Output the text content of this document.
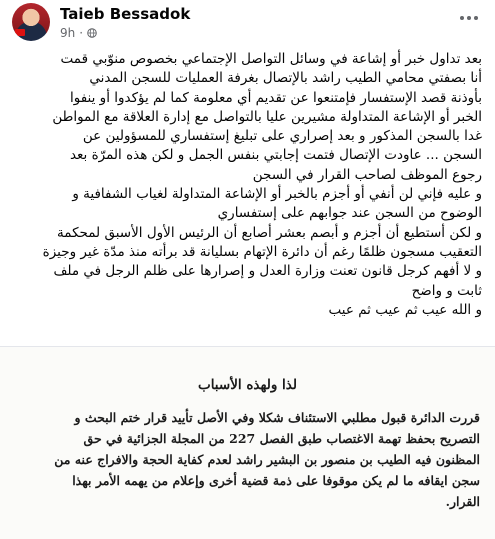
Taieb Bessadok
9h ·
بعد تداول خبر أو إشاعة في وسائل التواصل الإجتماعي بخصوص منوّبي قمت
أنا بصفتي محامي الطيب راشد بالإتصال بغرفة العمليات للسجن المدني
بأوذنة قصد الإستفسار فإمتنعوا عن تقديم أي معلومة كما لم يؤكدوا أو ينفوا
الخبر أو الإشاعة المتداولة مشيرين عليا بالتواصل مع إدارة العلاقة مع المواطن
غدا بالسجن المذكور و بعد إصراري على تبليغ إستفساري للمسؤولين عن
السجن ... عاودت الإتصال فتمت إجابتي بنفس الجمل و لكن هذه المرّة بعد
رجوع الموظف لصاحب القرار في السجن
و عليه فإني لن أنفي أو أجزم بالخبر أو الإشاعة المتداولة لغياب الشفافية و
الوضوح من السجن عند جوابهم على إستفساري
و لكن أستطيع أن أجزم و أبصم بعشر أصابع أن الرئيس الأول الأسبق لمحكمة
التعقيب مسجون ظلمًا رغم أن دائرة الإتهام بسليانة قد برأته منذ مدّة غير وجيزة
و لا أفهم كرجل قانون تعنت وزارة العدل و إصرارها على ظلم الرجل في ملف
ثابت و واضح
و الله عيب ثم عيب ثم عيب
لذا ولهذه الأسباب
قررت الدائرة قبول مطلبي الاستئناف شكلا وفي الأصل تأييد قرار ختم البحث و
التصريح بحفظ تهمة الاغتصاب طبق الفصل 227 من المجلة الجزائية في حق
المظنون فيه الطيب بن منصور بن البشير راشد لعدم كفاية الحجة والافراج عنه من
سجن ايقافه ما لم يكن موقوفا على ذمة قضية أخرى وإعلام من يهمه الأمر بهذا
القرار.
